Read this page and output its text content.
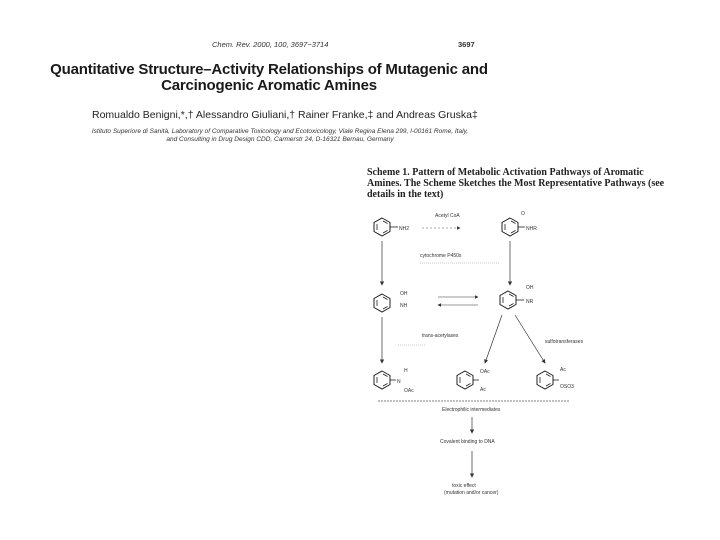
Chem. Rev. 2000, 100, 3697−3714	3697
Quantitative Structure–Activity Relationships of Mutagenic and Carcinogenic Aromatic Amines
Romualdo Benigni,*,† Alessandro Giuliani,† Rainer Franke,‡ and Andreas Gruska‡
Istituto Superiore di Sanità, Laboratory of Comparative Toxicology and Ecotoxicology, Viale Regina Elena 299, I-00161 Rome, Italy,
and Consulting in Drug Design CDD, Carmerstr 24, D-16321 Bernau, Germany
Scheme 1. Pattern of Metabolic Activation Pathways of Aromatic Amines. The Scheme Sketches the Most Representative Pathways (see details in the text)
NH2
Acetyl CoA	O
NHR
cytochrome P450s
OH
NH
OH
NR
trans-acetylases
sulfotransferases
N
H
OAc
OAc
Ac
Ac
OSO3
Electrophilic intermediates
Covalent binding to DNA
toxic effect
(mutation and/or cancer)
